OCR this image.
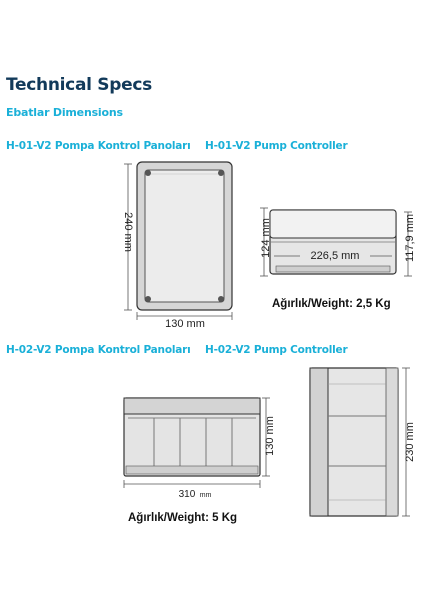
Technical Specs
Ebatlar Dimensions
H-01-V2 Pompa Kontrol Panoları H-01-V2 Pump Controller
240 mm
130 mm
124 mm	117,9 mm
226,5 mm
Ağırlık/Weight: 2,5 Kg
H-02-V2 Pompa Kontrol Panoları H-02-V2 Pump Controller
130 mm
310 mm
Ağırlık/Weight: 5 Kg
230 mm
